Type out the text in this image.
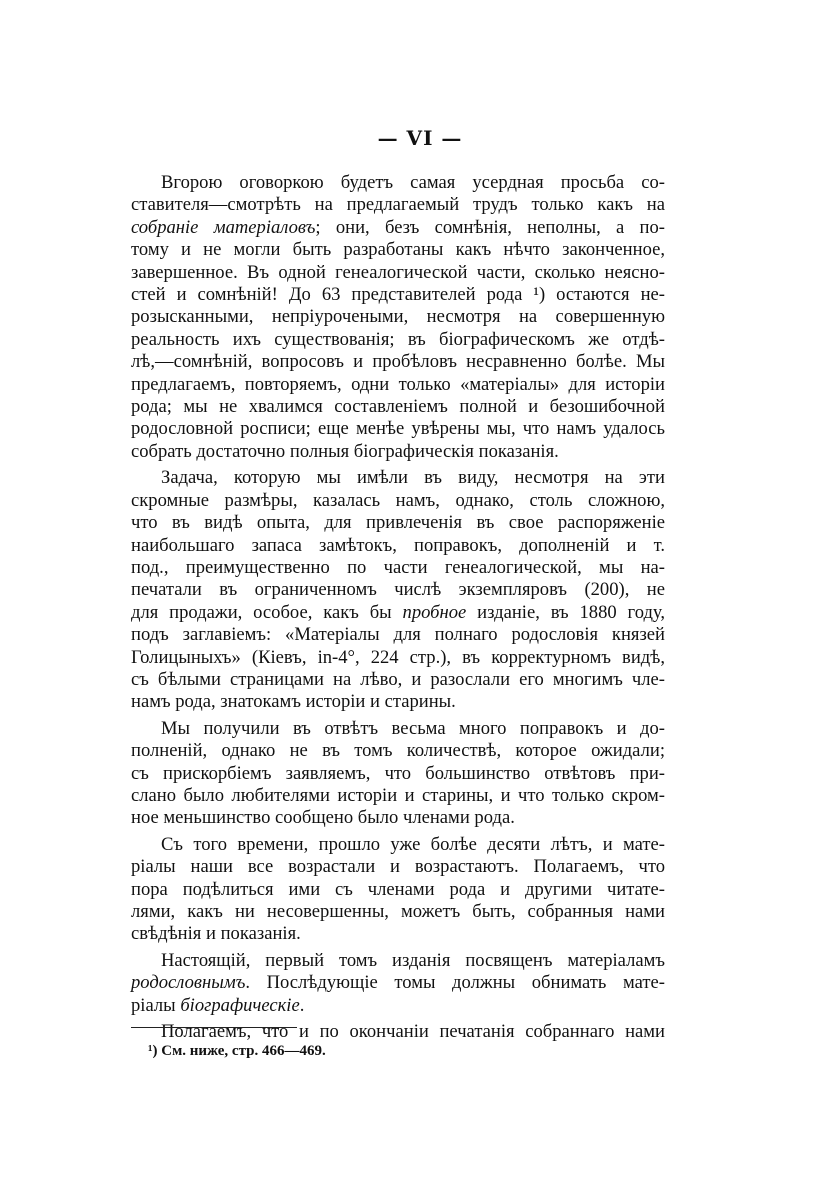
— VI —
Вгорою оговоркою будетъ самая усердная просьба со-
ставителя—смотрѣть на предлагаемый трудъ только какъ на
собраніе матеріаловъ; они, безъ сомнѣнія, неполны, а по-
тому и не могли быть разработаны какъ нѣчто законченное,
завершенное. Въ одной генеалогической части, сколько неясно-
стей и сомнѣній! До 63 представителей рода ¹) остаются не-
розысканными, непріурочеными, несмотря на совершенную
реальность ихъ существованія; въ біографическомъ же отдѣ-
лѣ,—сомнѣній, вопросовъ и пробѣловъ несравненно болѣе. Мы
предлагаемъ, повторяемъ, одни только «матеріалы» для исторіи
рода; мы не хвалимся составленіемъ полной и безошибочной
родословной росписи; еще менѣе увѣрены мы, что намъ удалось
собрать достаточно полныя біографическія показанія.
Задача, которую мы имѣли въ виду, несмотря на эти
скромные размѣры, казалась намъ, однако, столь сложною,
что въ видѣ опыта, для привлеченія въ свое распоряженіе
наибольшаго запаса замѣтокъ, поправокъ, дополненій и т.
под., преимущественно по части генеалогической, мы на-
печатали въ ограниченномъ числѣ экземпляровъ (200), не
для продажи, особое, какъ бы пробное изданіе, въ 1880 году,
подъ заглавіемъ: «Матеріалы для полнаго родословія князей
Голицыныхъ» (Кіевъ, in-4°, 224 стр.), въ корректурномъ видѣ,
съ бѣлыми страницами на лѣво, и разослали его многимъ чле-
намъ рода, знатокамъ исторіи и старины.
Мы получили въ отвѣтъ весьма много поправокъ и до-
полненій, однако не въ томъ количествѣ, которое ожидали;
съ прискорбіемъ заявляемъ, что большинство отвѣтовъ при-
слано было любителями исторіи и старины, и что только скром-
ное меньшинство сообщено было членами рода.
Съ того времени, прошло уже болѣе десяти лѣтъ, и мате-
ріалы наши все возрастали и возрастаютъ. Полагаемъ, что
пора подѣлиться ими съ членами рода и другими читате-
лями, какъ ни несовершенны, можетъ быть, собранныя нами
свѣдѣнія и показанія.
Настоящій, первый томъ изданія посвященъ матеріаламъ
родословнымъ. Послѣдующіе томы должны обнимать мате-
ріалы біографическіе.
Полагаемъ, что и по окончаніи печатанія собраннаго нами
¹) См. ниже, стр. 466—469.
